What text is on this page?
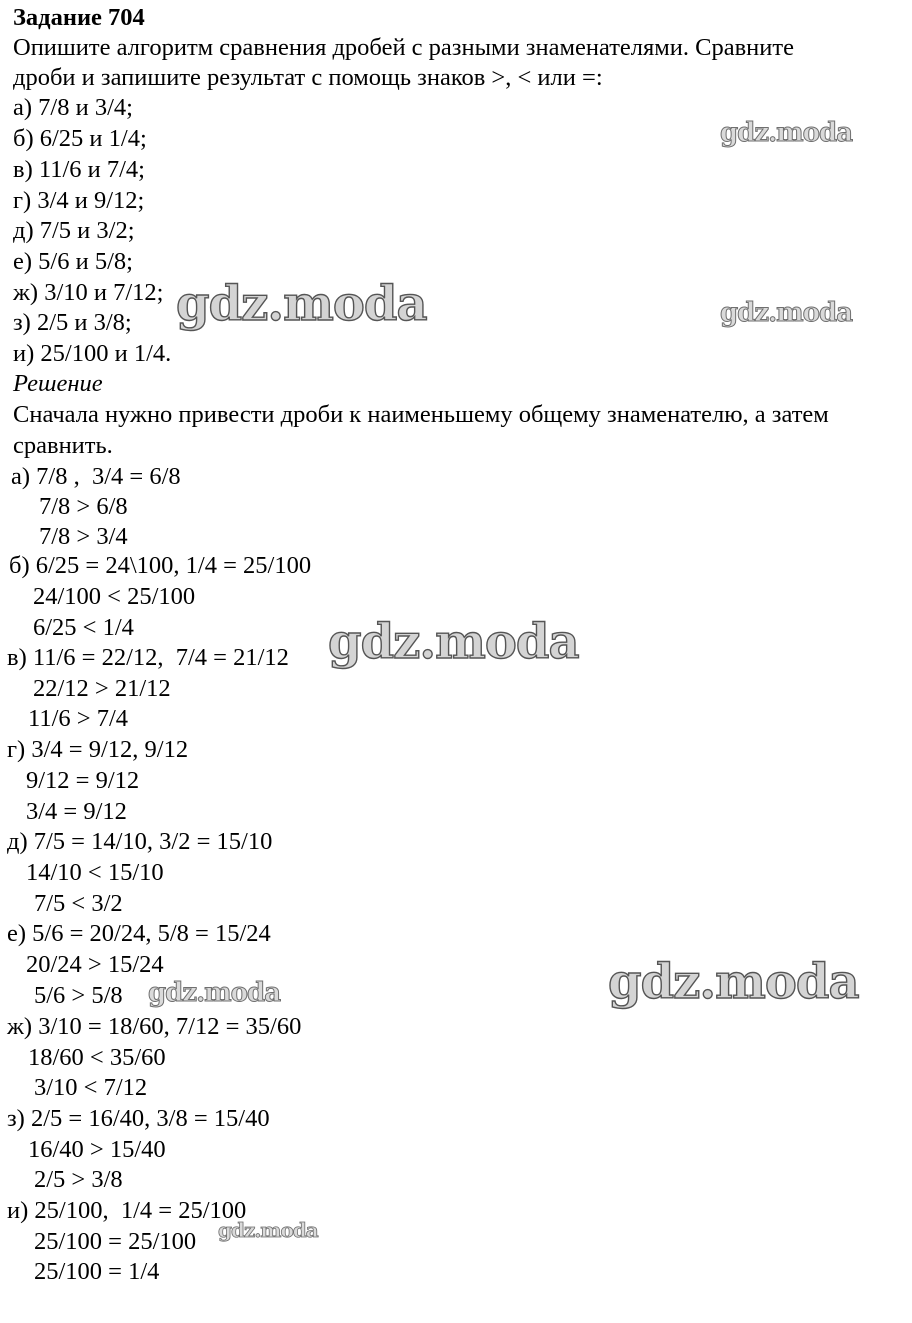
Задание 704
Опишите алгоритм сравнения дробей с разными знаменателями. Сравните
дроби и запишите результат с помощь знаков >, < или =:
а) 7/8 и 3/4;
б) 6/25 и 1/4;
в) 11/6 и 7/4;
г) 3/4 и 9/12;
д) 7/5 и 3/2;
е) 5/6 и 5/8;
ж) 3/10 и 7/12;
з) 2/5 и 3/8;
и) 25/100 и 1/4.
Решение
Сначала нужно привести дроби к наименьшему общему знаменателю, а затем
сравнить.
а) 7/8 ,  3/4 = 6/8
7/8 > 6/8
7/8 > 3/4
б) 6/25 = 24\100, 1/4 = 25/100
24/100 < 25/100
6/25 < 1/4
в) 11/6 = 22/12,  7/4 = 21/12
22/12 > 21/12
11/6 > 7/4
г) 3/4 = 9/12, 9/12
9/12 = 9/12
3/4 = 9/12
д) 7/5 = 14/10, 3/2 = 15/10
14/10 < 15/10
7/5 < 3/2
е) 5/6 = 20/24, 5/8 = 15/24
20/24 > 15/24
5/6 > 5/8
ж) 3/10 = 18/60, 7/12 = 35/60
18/60 < 35/60
3/10 < 7/12
з) 2/5 = 16/40, 3/8 = 15/40
16/40 > 15/40
2/5 > 3/8
и) 25/100,  1/4 = 25/100
25/100 = 25/100
25/100 = 1/4
gdz.moda
gdz.moda	gdz.moda
gdz.moda
gdz.moda
gdz.moda
gdz.moda
